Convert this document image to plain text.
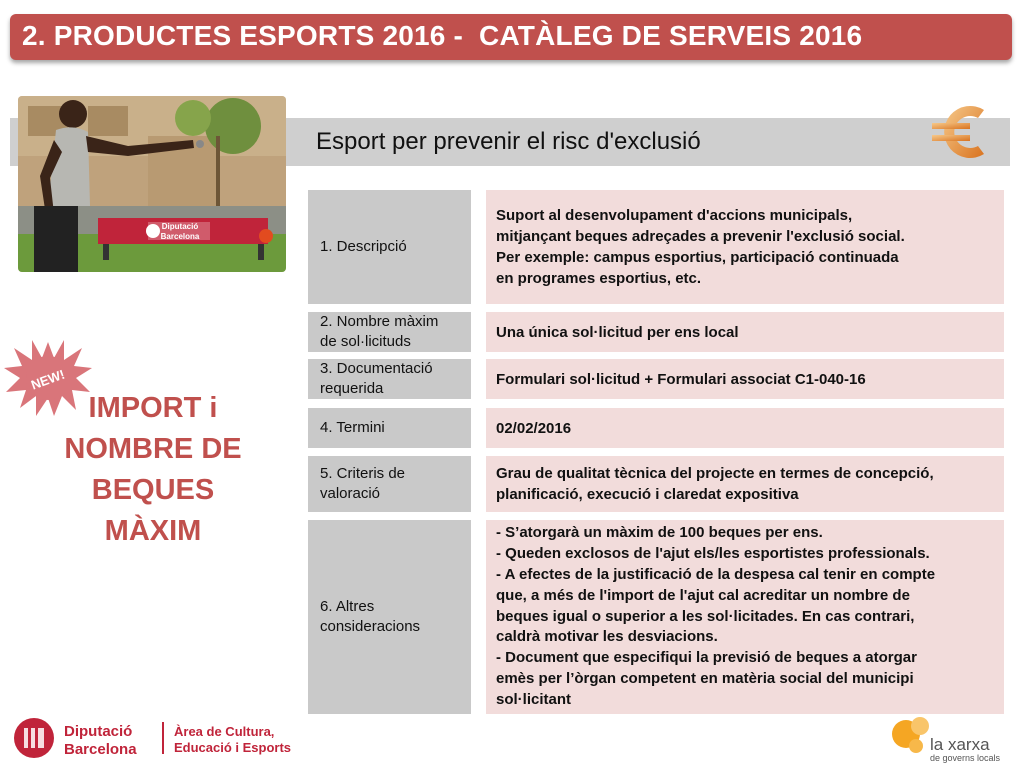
2. PRODUCTES ESPORTS 2016 -  CATÀLEG DE SERVEIS 2016
Esport per prevenir el risc d'exclusió
Diputació
Barcelona
NEW!
IMPORT i
NOMBRE DE
BEQUES
MÀXIM
1. Descripció
Suport al desenvolupament d'accions municipals,
mitjançant beques adreçades a prevenir l'exclusió social.
Per exemple: campus esportius, participació continuada
en programes esportius, etc.
2. Nombre màxim
de sol·licituds
Una única sol·licitud per ens local
3. Documentació
requerida
Formulari sol·licitud + Formulari associat C1-040-16
4. Termini	02/02/2016
5. Criteris de
valoració
Grau de qualitat tècnica del projecte en termes de concepció,
planificació, execució i claredat expositiva
6. Altres
consideracions
- S’atorgarà un màxim de 100 beques per ens.
- Queden exclosos de l'ajut els/les esportistes professionals.
- A efectes de la justificació de la despesa cal tenir en compte
que, a més de l'import de l'ajut cal acreditar un nombre de
beques igual o superior a les sol·licitades. En cas contrari,
caldrà motivar les desviacions.
- Document que especifiqui la previsió de beques a atorgar
emès per l’òrgan competent en matèria social del municipi
sol·licitant
Diputació
Barcelona
Àrea de Cultura,
Educació i Esports	la xarxa
de governs locals
